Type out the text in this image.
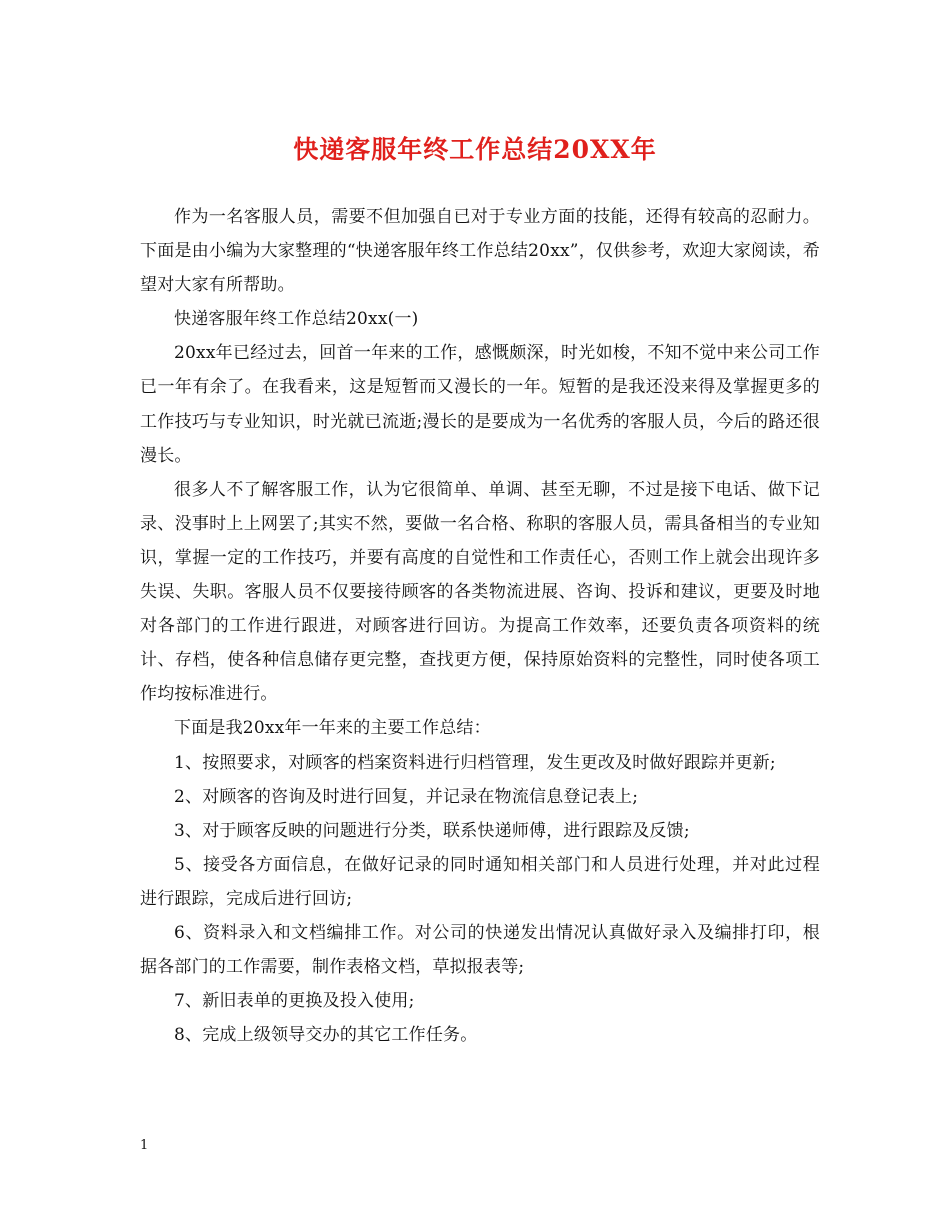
快递客服年终工作总结20XX年

作为一名客服人员，需要不但加强自已对于专业方面的技能，还得有较高的忍耐力。下面是由小编为大家整理的“快递客服年终工作总结20xx”，仅供参考，欢迎大家阅读，希望对大家有所帮助。

快递客服年终工作总结20xx(一)

20xx年已经过去，回首一年来的工作，感慨颇深，时光如梭，不知不觉中来公司工作已一年有余了。在我看来，这是短暂而又漫长的一年。短暂的是我还没来得及掌握更多的工作技巧与专业知识，时光就已流逝;漫长的是要成为一名优秀的客服人员，今后的路还很漫长。

很多人不了解客服工作，认为它很简单、单调、甚至无聊，不过是接下电话、做下记录、没事时上上网罢了;其实不然，要做一名合格、称职的客服人员，需具备相当的专业知识，掌握一定的工作技巧，并要有高度的自觉性和工作责任心，否则工作上就会出现许多失误、失职。客服人员不仅要接待顾客的各类物流进展、咨询、投诉和建议，更要及时地对各部门的工作进行跟进，对顾客进行回访。为提高工作效率，还要负责各项资料的统计、存档，使各种信息储存更完整，查找更方便，保持原始资料的完整性，同时使各项工作均按标准进行。

下面是我20xx年一年来的主要工作总结：

1、按照要求，对顾客的档案资料进行归档管理，发生更改及时做好跟踪并更新;

2、对顾客的咨询及时进行回复，并记录在物流信息登记表上;

3、对于顾客反映的问题进行分类，联系快递师傅，进行跟踪及反馈;

5、接受各方面信息，在做好记录的同时通知相关部门和人员进行处理，并对此过程进行跟踪，完成后进行回访;

6、资料录入和文档编排工作。对公司的快递发出情况认真做好录入及编排打印，根据各部门的工作需要，制作表格文档，草拟报表等;

7、新旧表单的更换及投入使用;

8、完成上级领导交办的其它工作任务。

1
